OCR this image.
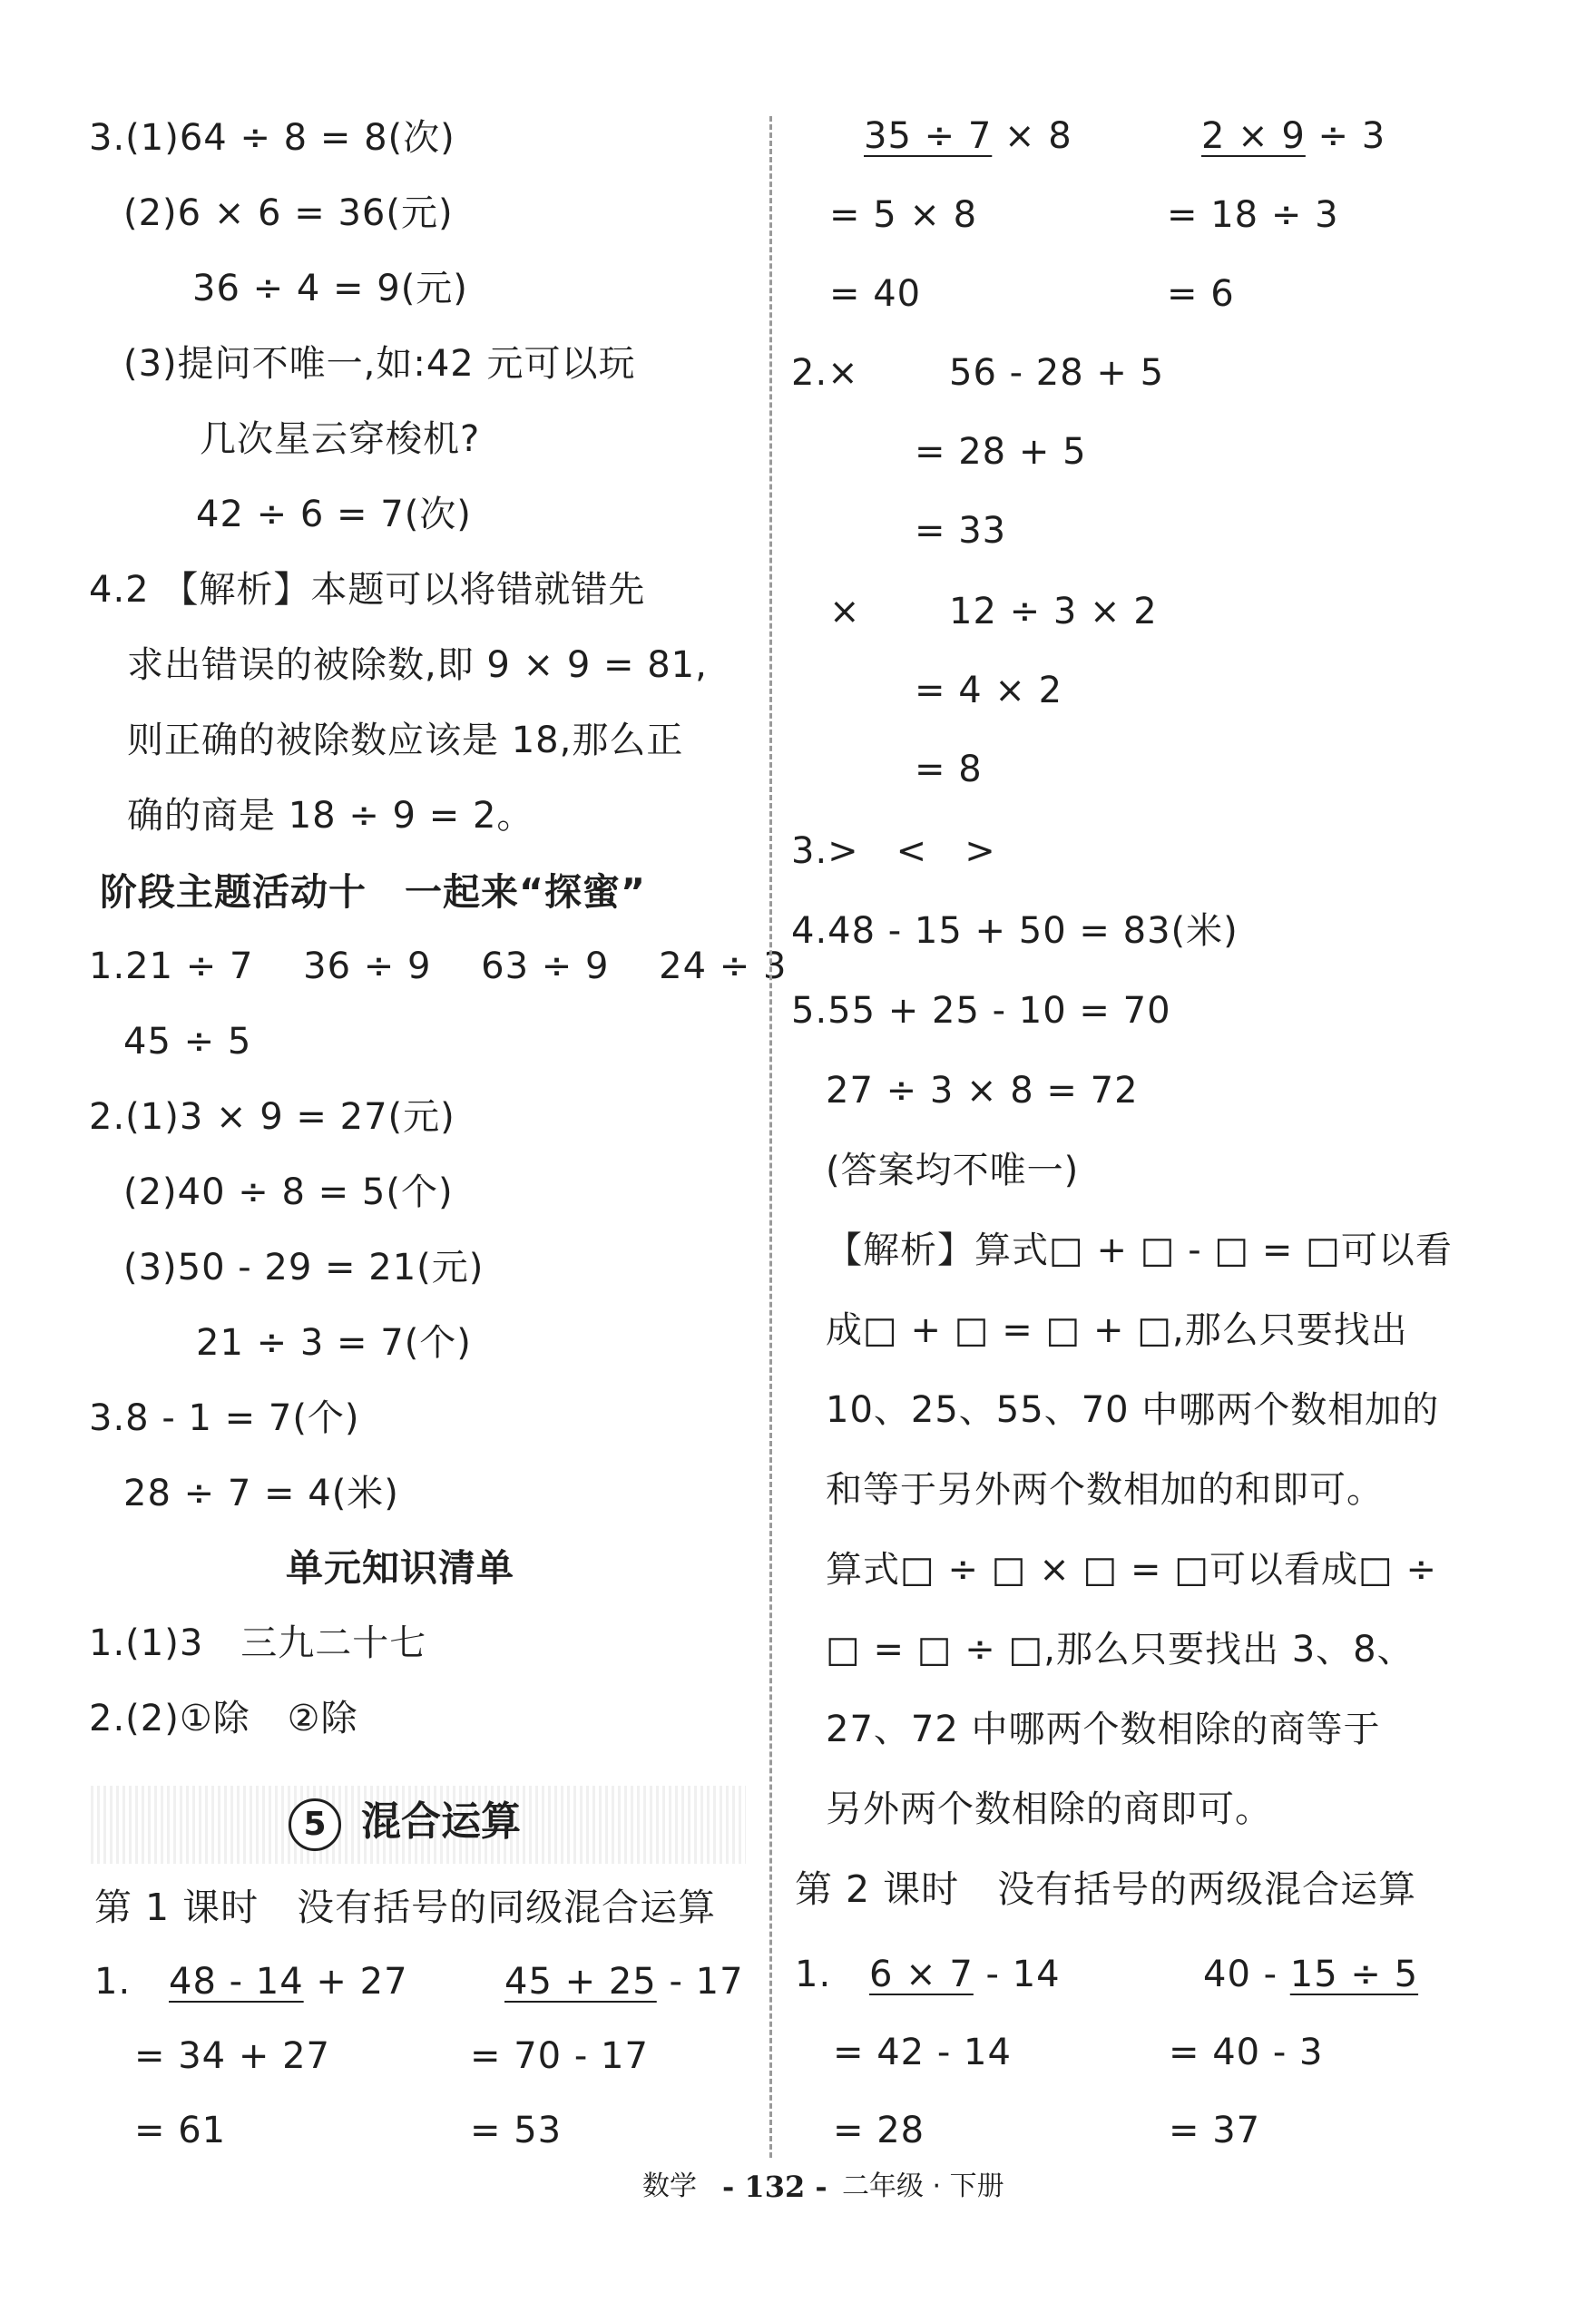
3.(1)64 ÷ 8 = 8(次)
(2)6 × 6 = 36(元)
36 ÷ 4 = 9(元)
(3)提问不唯一,如:42 元可以玩
几次星云穿梭机?
42 ÷ 6 = 7(次)
4.2 【解析】本题可以将错就错先
求出错误的被除数,即 9 × 9 = 81,
则正确的被除数应该是 18,那么正
确的商是 18 ÷ 9 = 2。
阶段主题活动十　一起来“探蜜”
1.21 ÷ 7　 36 ÷ 9　 63 ÷ 9　 24 ÷ 3
45 ÷ 5
2.(1)3 × 9 = 27(元)
(2)40 ÷ 8 = 5(个)
(3)50 - 29 = 21(元)
21 ÷ 3 = 7(个)
3.8 - 1 = 7(个)
28 ÷ 7 = 4(米)
单元知识清单
1.(1)3　三九二十七
2.(2)①除　②除
5 混合运算
第 1 课时　没有括号的同级混合运算
1. 48 - 14 + 27
= 34 + 27
= 61
45 + 25 - 17
= 70 - 17
= 53
35 ÷ 7 × 8
= 5 × 8
= 40
2 × 9 ÷ 3
= 18 ÷ 3
= 6
2.× 56 - 28 + 5
= 28 + 5
= 33
× 12 ÷ 3 × 2
= 4 × 2
= 8
3.>　<　>
4.48 - 15 + 50 = 83(米)
5.55 + 25 - 10 = 70
27 ÷ 3 × 8 = 72
(答案均不唯一)
【解析】算式□ + □ - □ = □可以看
成□ + □ = □ + □,那么只要找出
10、25、55、70 中哪两个数相加的
和等于另外两个数相加的和即可。
算式□ ÷ □ × □ = □可以看成□ ÷
□ = □ ÷ □,那么只要找出 3、8、
27、72 中哪两个数相除的商等于
另外两个数相除的商即可。
第 2 课时　没有括号的两级混合运算
1. 6 × 7 - 14
= 42 - 14
= 28
40 - 15 ÷ 5
= 40 - 3
= 37
数学 - 132 - 二年级 · 下册
